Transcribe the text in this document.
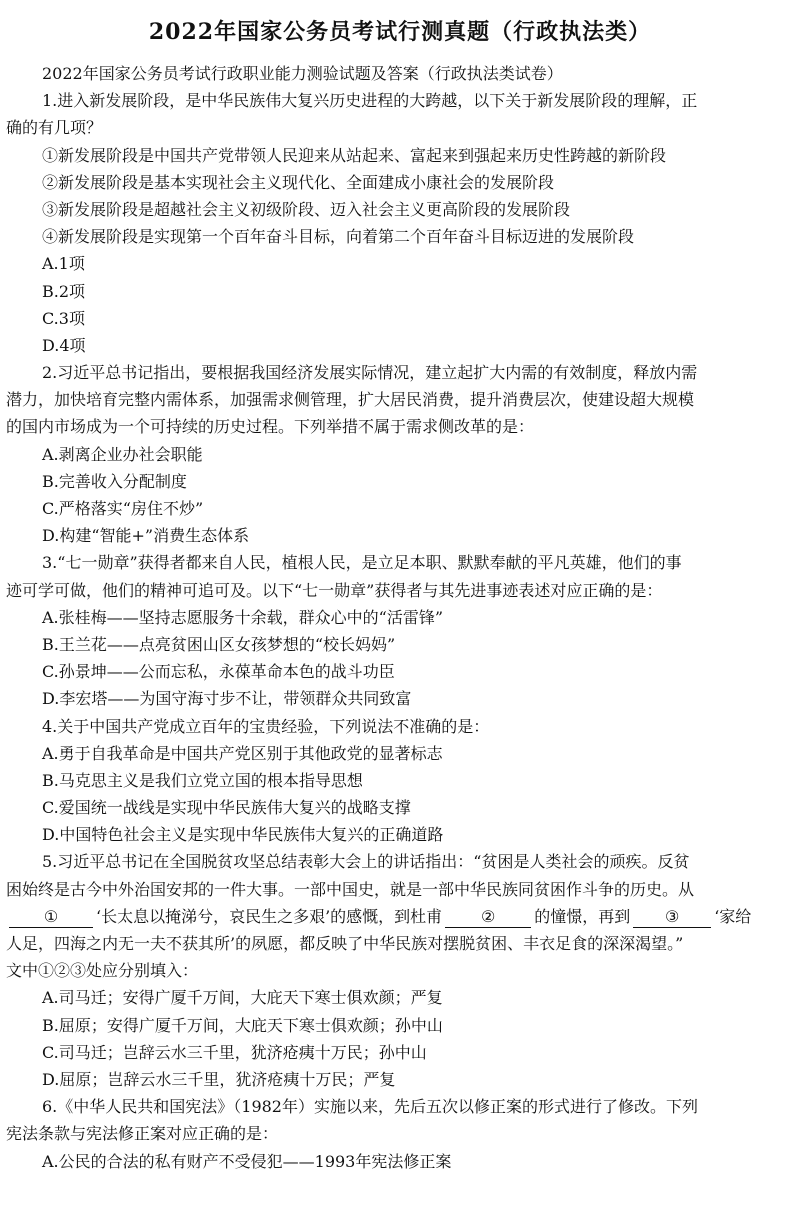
2022年国家公务员考试行测真题（行政执法类）
2022年国家公务员考试行政职业能力测验试题及答案（行政执法类试卷）
1.进入新发展阶段，是中华民族伟大复兴历史进程的大跨越，以下关于新发展阶段的理解，正
确的有几项？
①新发展阶段是中国共产党带领人民迎来从站起来、富起来到强起来历史性跨越的新阶段
②新发展阶段是基本实现社会主义现代化、全面建成小康社会的发展阶段
③新发展阶段是超越社会主义初级阶段、迈入社会主义更高阶段的发展阶段
④新发展阶段是实现第一个百年奋斗目标，向着第二个百年奋斗目标迈进的发展阶段
A.1项
B.2项
C.3项
D.4项
2.习近平总书记指出，要根据我国经济发展实际情况，建立起扩大内需的有效制度，释放内需
潜力，加快培育完整内需体系，加强需求侧管理，扩大居民消费，提升消费层次，使建设超大规模
的国内市场成为一个可持续的历史过程。下列举措不属于需求侧改革的是：
A.剥离企业办社会职能
B.完善收入分配制度
C.严格落实“房住不炒”
D.构建“智能+”消费生态体系
3.“七一勋章”获得者都来自人民，植根人民，是立足本职、默默奉献的平凡英雄，他们的事
迹可学可做，他们的精神可追可及。以下“七一勋章”获得者与其先进事迹表述对应正确的是：
A.张桂梅——坚持志愿服务十余载，群众心中的“活雷锋”
B.王兰花——点亮贫困山区女孩梦想的“校长妈妈”
C.孙景坤——公而忘私，永葆革命本色的战斗功臣
D.李宏塔——为国守海寸步不让，带领群众共同致富
4.关于中国共产党成立百年的宝贵经验，下列说法不准确的是：
A.勇于自我革命是中国共产党区别于其他政党的显著标志
B.马克思主义是我们立党立国的根本指导思想
C.爱国统一战线是实现中华民族伟大复兴的战略支撑
D.中国特色社会主义是实现中华民族伟大复兴的正确道路
5.习近平总书记在全国脱贫攻坚总结表彰大会上的讲话指出：“贫困是人类社会的顽疾。反贫
困始终是古今中外治国安邦的一件大事。一部中国史，就是一部中华民族同贫困作斗争的历史。从
① ‘长太息以掩涕兮，哀民生之多艰’的感慨，到杜甫 ② 的憧憬，再到 ③ ‘家给
人足，四海之内无一夫不获其所’的夙愿，都反映了中华民族对摆脱贫困、丰衣足食的深深渴望。”
文中①②③处应分别填入：
A.司马迁；安得广厦千万间，大庇天下寒士俱欢颜；严复
B.屈原；安得广厦千万间，大庇天下寒士俱欢颜；孙中山
C.司马迁；岂辞云水三千里，犹济疮痍十万民；孙中山
D.屈原；岂辞云水三千里，犹济疮痍十万民；严复
6.《中华人民共和国宪法》（1982年）实施以来，先后五次以修正案的形式进行了修改。下列
宪法条款与宪法修正案对应正确的是：
A.公民的合法的私有财产不受侵犯——1993年宪法修正案
